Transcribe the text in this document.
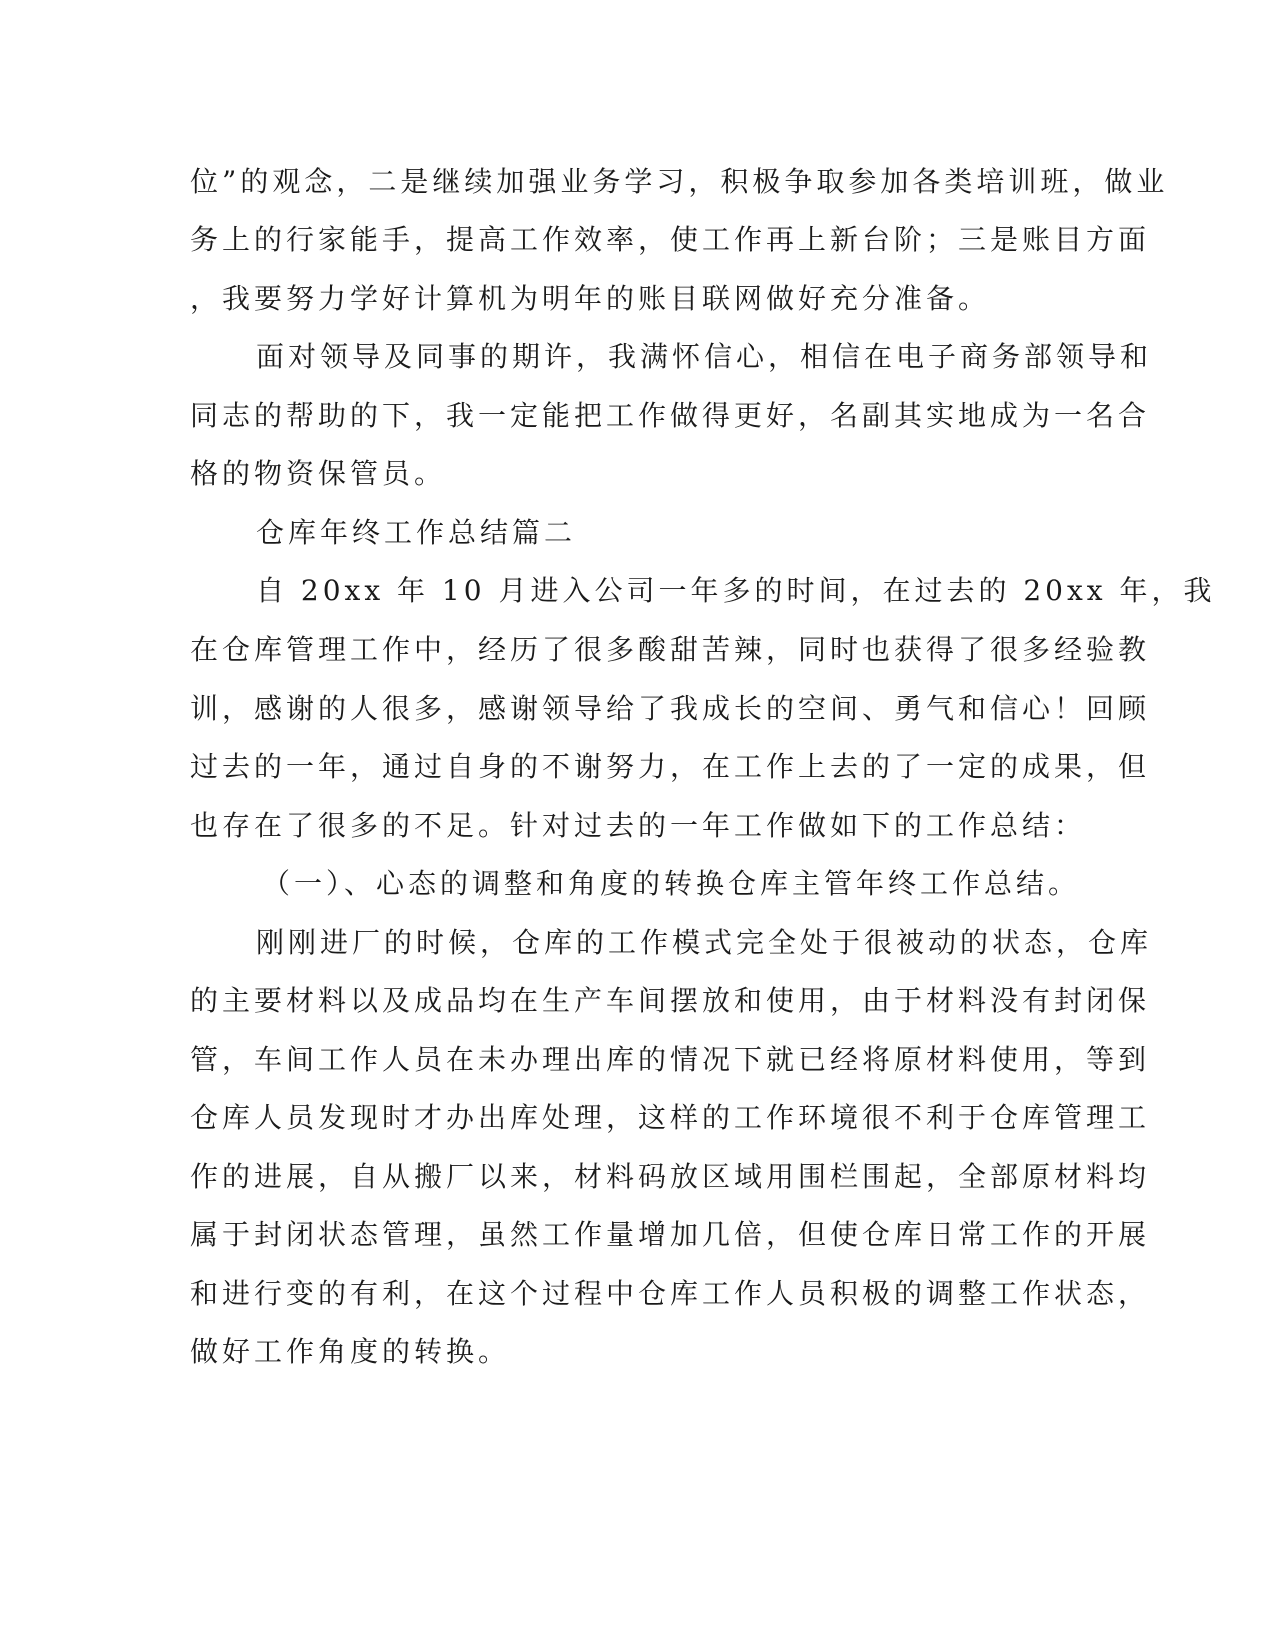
位”的观念，二是继续加强业务学习，积极争取参加各类培训班，做业
务上的行家能手，提高工作效率，使工作再上新台阶；三是账目方面
，我要努力学好计算机为明年的账目联网做好充分准备。
面对领导及同事的期许，我满怀信心，相信在电子商务部领导和
同志的帮助的下，我一定能把工作做得更好，名副其实地成为一名合
格的物资保管员。
仓库年终工作总结篇二
自 20xx 年 10 月进入公司一年多的时间，在过去的 20xx 年，我
在仓库管理工作中，经历了很多酸甜苦辣，同时也获得了很多经验教
训，感谢的人很多，感谢领导给了我成长的空间、勇气和信心！回顾
过去的一年，通过自身的不谢努力，在工作上去的了一定的成果，但
也存在了很多的不足。针对过去的一年工作做如下的工作总结：
（一）、心态的调整和角度的转换仓库主管年终工作总结。
刚刚进厂的时候，仓库的工作模式完全处于很被动的状态，仓库
的主要材料以及成品均在生产车间摆放和使用，由于材料没有封闭保
管，车间工作人员在未办理出库的情况下就已经将原材料使用，等到
仓库人员发现时才办出库处理，这样的工作环境很不利于仓库管理工
作的进展，自从搬厂以来，材料码放区域用围栏围起，全部原材料均
属于封闭状态管理，虽然工作量增加几倍，但使仓库日常工作的开展
和进行变的有利，在这个过程中仓库工作人员积极的调整工作状态，
做好工作角度的转换。
